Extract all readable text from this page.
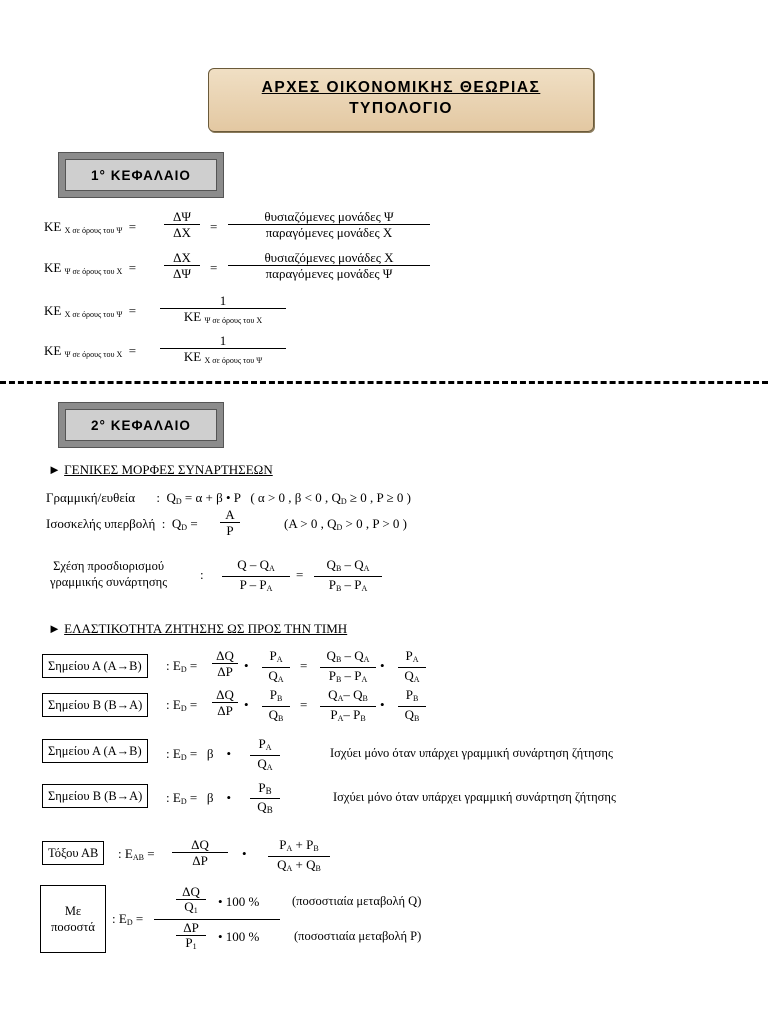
ΑΡΧΕΣ ΟΙΚΟΝΟΜΙΚΗΣ ΘΕΩΡΙΑΣ
ΤΥΠΟΛΟΓΙΟ
1° ΚΕΦΑΛΑΙΟ
ΚΕ $_{X \sigma\varepsilon ό\rho o\upsilon\varsigma \tau o\upsilon \Psi}$  =
ΔΨ
ΔΧ	=
θυσιαζόμενες μονάδες Ψ
παραγόμενες μονάδες Χ
ΚΕ $_{\Psi \sigma\varepsilon ό\rho o\upsilon\varsigma \tau o\upsilon X}$  =
ΔΧ
ΔΨ	=
θυσιαζόμενες μονάδες Χ
παραγόμενες μονάδες Ψ
ΚΕ $_{X \sigma\varepsilon ό\rho o\upsilon\varsigma \tau o\upsilon \Psi}$  =
1
ΚΕ $_{\Psi \sigma\varepsilon ό\rho o\upsilon\varsigma \tau o\upsilon X}$
ΚΕ $_{\Psi \sigma\varepsilon ό\rho o\upsilon\varsigma \tau o\upsilon X}$  =
1
ΚΕ $_{X \sigma\varepsilon ό\rho o\upsilon\varsigma \tau o\upsilon \Psi}$
2° ΚΕΦΑΛΑΙΟ
► ΓΕΝΙΚΕΣ ΜΟΡΦΕΣ ΣΥΝΑΡΤΗΣΕΩΝ
Γραμμική/ευθεία :  $Q_D = \alpha + \beta$ • P ( α > 0 , β < 0 , $Q_D \ge 0$ , P ≥ 0 )
Ισοσκελής υπερβολή  :  $Q_D$ =
A
P	(A > 0 , $Q_D > 0$ , P > 0 )
Σχέση προσδιορισμού
γραμμικής συνάρτησης	:
Q – $Q_A$
P – $P_A$
=
$Q_B - Q_A$
$P_B - P_A$
► ΕΛΑΣΤΙΚΟΤΗΤΑ ΖΗΤΗΣΗΣ ΩΣ ΠΡΟΣ ΤΗΝ ΤΙΜΗ
Σημείου Α (Α→Β)	: $E_D$ =
ΔQ
ΔP •
$P_A$
$Q_A$
=
$Q_B - Q_A$
$P_B - P_A$
•
$P_A$
$Q_A$
Σημείου Β (Β→Α)	: $E_D$ =
ΔQ
ΔP •
$P_B$
$Q_B$
=
$Q_A-$ $Q_B$
$P_A-$ $P_B$
•
$P_B$
$Q_B$
Σημείου Α (Α→Β)	: $E_D = \beta$    •
$P_A$
$Q_A$
Ισχύει μόνο όταν υπάρχει γραμμική συνάρτηση ζήτησης
Σημείου Β (Β→Α)	: $E_D = \beta$    •
PB
QB
Ισχύει μόνο όταν υπάρχει γραμμική συνάρτηση ζήτησης
Τόξου ΑΒ	: $E_{AB}$ =
ΔQ
ΔP	•
$P_A + P_B$
$Q_A + Q_B$
Με
ποσοστά
: $E_D$ =
ΔQ
$Q_1$
• 100 %	(ποσοστιαία μεταβολή Q)
ΔP
$P_1$
• 100 %	(ποσοστιαία μεταβολή P)
